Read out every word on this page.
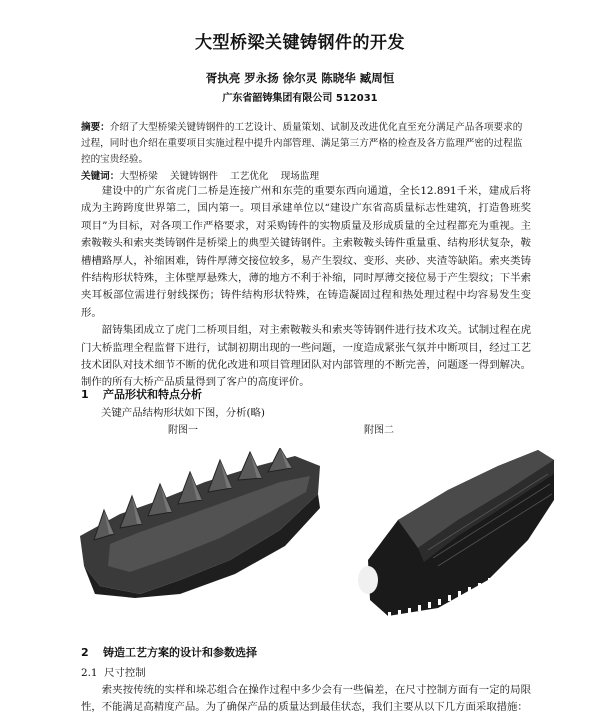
大型桥梁关键铸钢件的开发
胥执亮 罗永扬 徐尔灵 陈晓华 臧周恒
广东省韶铸集团有限公司 512031
摘要：介绍了大型桥梁关键铸钢件的工艺设计、质量策划、试制及改进优化直至充分满足产品各项要求的过程，同时也介绍在重要项目实施过程中提升内部管理、满足第三方严格的检查及各方监理严密的过程监控的宝贵经验。
关键词：大型桥梁    关键铸钢件    工艺优化    现场监理

建设中的广东省虎门二桥是连接广州和东莞的重要东西向通道，全长12.891千米，建成后将成为主跨跨度世界第二，国内第一。项目承建单位以“建设广东省高质量标志性建筑，打造鲁班奖项目”为目标，对各项工作严格要求，对采购铸件的实物质量及形成质量的全过程都充为重视。主索鞍鞍头和索夹类铸钢件是桥梁上的典型关键铸钢件。主索鞍鞍头铸件重量重、结构形状复杂，鞍槽槽路厚人，补缩困难，铸件厚薄交接位较多，易产生裂纹、变形、夹砂、夹渣等缺陷。索夹类铸件结构形状特殊，主体壁厚悬殊大，薄的地方不利于补缩，同时厚薄交接位易于产生裂纹；下半索夹耳板部位需进行射线探伤；铸件结构形状特殊，在铸造凝固过程和热处理过程中均容易发生变形。

韶铸集团成立了虎门二桥项目组，对主索鞍鞍头和索夹等铸钢件进行技术攻关。试制过程在虎门大桥监理全程监督下进行，试制初期出现的一些问题，一度造成紧张气氛并中断项目，经过工艺技术团队对技术细节不断的优化改进和项目管理团队对内部管理的不断完善，问题逐一得到解决。制作的所有大桥产品质量得到了客户的高度评价。

1 产品形状和特点分析
关键产品结构形状如下图，分析(略)
附图一	附图二
2 铸造工艺方案的设计和参数选择
2.1  尺寸控制

索夹按传统的实样和垛芯组合在操作过程中多少会有一些偏差，在尺寸控制方面有一定的局限性，不能满足高精度产品。为了确保产品的质量达到最佳状态，我们主要从以下几方面采取措施：
